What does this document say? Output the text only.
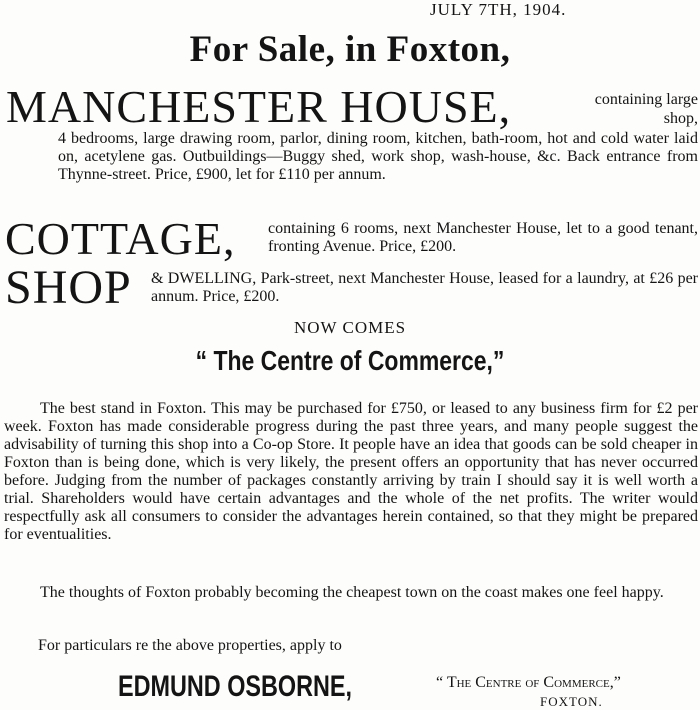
JULY 7TH, 1904.
For Sale, in Foxton,
MANCHESTER HOUSE,	containing large shop,
4 bedrooms, large drawing room, parlor, dining room, kitchen, bath-room, hot and cold water laid on, acetylene gas. Outbuildings—Buggy shed, work shop, wash-house, &c. Back entrance from Thynne-street. Price, £900, let for £110 per annum.
COTTAGE, containing 6 rooms, next Manchester House, let to a good tenant, fronting Avenue. Price, £200.
SHOP & DWELLING, Park-street, next Manchester House, leased for a laundry, at £26 per annum. Price, £200.
NOW COMES
“ The Centre of Commerce,”
The best stand in Foxton. This may be purchased for £750, or leased to any business firm for £2 per week. Foxton has made considerable progress during the past three years, and many people suggest the advisability of turning this shop into a Co-op Store. It people have an idea that goods can be sold cheaper in Foxton than is being done, which is very likely, the present offers an opportunity that has never occurred before. Judging from the number of packages constantly arriving by train I should say it is well worth a trial. Shareholders would have certain advantages and the whole of the net profits. The writer would respectfully ask all consumers to consider the advantages herein contained, so that they might be prepared for eventualities.
The thoughts of Foxton probably becoming the cheapest town on the coast makes one feel happy.
For particulars re the above properties, apply to
EDMUND OSBORNE,	“ The Centre of Commerce,”
FOXTON.
